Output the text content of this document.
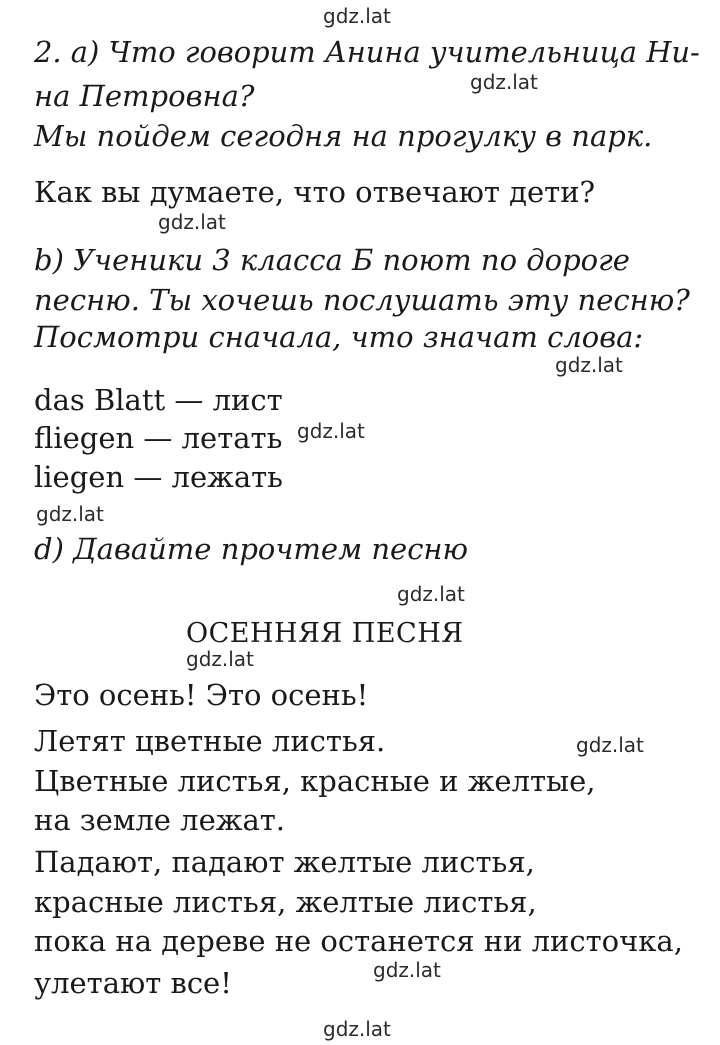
gdz.lat
gdz.lat
gdz.lat
gdz.lat
gdz.lat
gdz.lat
gdz.lat
gdz.lat
gdz.lat
gdz.lat
gdz.lat
2. a) Что говорит Анина учительница Ни-
на Петровна?
Мы пойдем сегодня на прогулку в парк.
Как вы думаете, что отвечают дети?
b) Ученики 3 класса Б поют по дороге
песню. Ты хочешь послушать эту песню?
Посмотри сначала, что значат слова:
das Blatt — лист
fliegen — летать
liegen — лежать
d) Давайте прочтем песню
ОСЕННЯЯ ПЕСНЯ
Это осень! Это осень!
Летят цветные листья.
Цветные листья, красные и желтые,
на земле лежат.
Падают, падают желтые листья,
красные листья, желтые листья,
пока на дереве не останется ни листочка,
улетают все!
